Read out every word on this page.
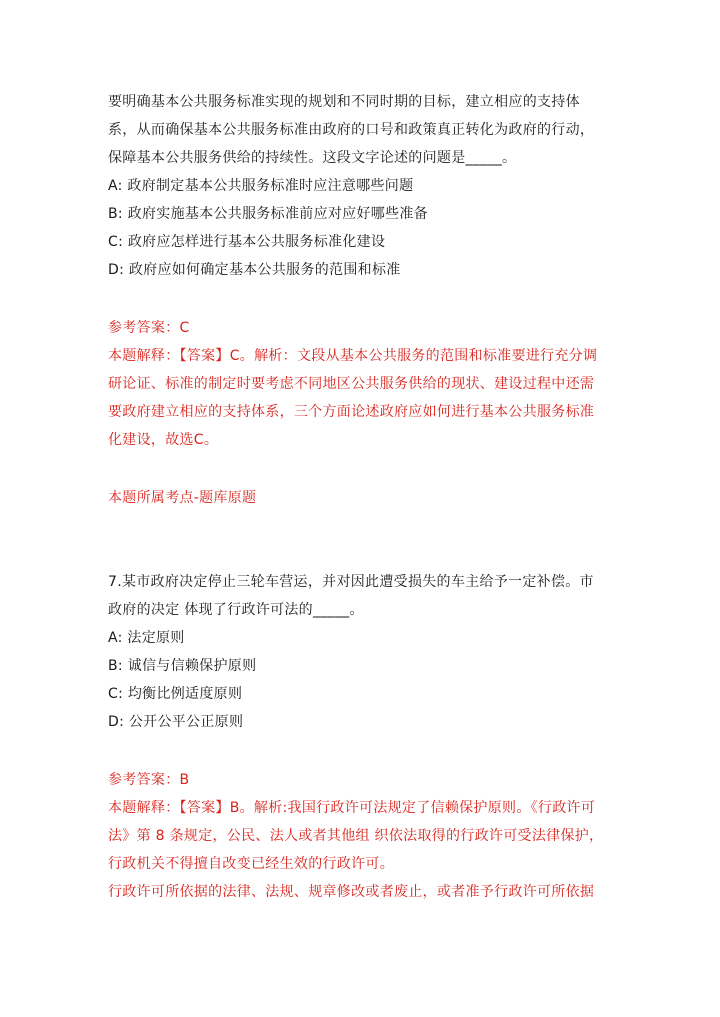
要明确基本公共服务标准实现的规划和不同时期的目标，建立相应的支持体
系，从而确保基本公共服务标准由政府的口号和政策真正转化为政府的行动，
保障基本公共服务供给的持续性。这段文字论述的问题是_____。
A: 政府制定基本公共服务标准时应注意哪些问题
B: 政府实施基本公共服务标准前应对应好哪些准备
C: 政府应怎样进行基本公共服务标准化建设
D: 政府应如何确定基本公共服务的范围和标准
参考答案：C
本题解释：【答案】C。解析：文段从基本公共服务的范围和标准要进行充分调
研论证、标准的制定时要考虑不同地区公共服务供给的现状、建设过程中还需
要政府建立相应的支持体系，三个方面论述政府应如何进行基本公共服务标准
化建设，故选C。
本题所属考点-题库原题
7.某市政府决定停止三轮车营运，并对因此遭受损失的车主给予一定补偿。市
政府的决定 体现了行政许可法的_____。
A: 法定原则
B: 诚信与信赖保护原则
C: 均衡比例适度原则
D: 公开公平公正原则
参考答案：B
本题解释：【答案】B。解析:我国行政许可法规定了信赖保护原则。《行政许可
法》第 8 条规定，公民、法人或者其他组 织依法取得的行政许可受法律保护，
行政机关不得擅自改变已经生效的行政许可。
行政许可所依据的法律、法规、规章修改或者废止，或者准予行政许可所依据
